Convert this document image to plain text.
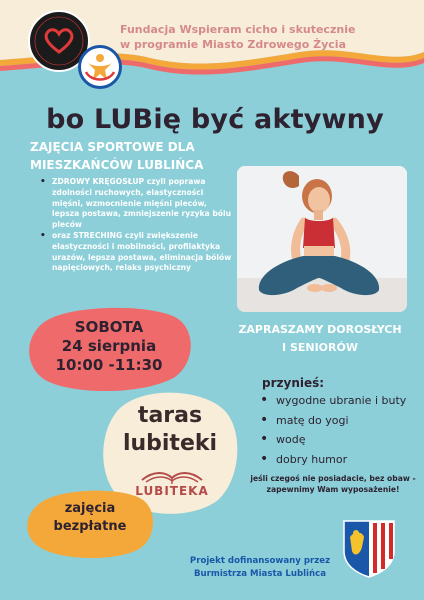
Fundacja Wspieram cicho i skutecznie
w programie Miasto Zdrowego Życia
bo LUBię być aktywny
ZAJĘCIA SPORTOWE DLA
MIESZKAŃCÓW LUBLIŃCA
• ZDROWY KRĘGOSŁUP czyli poprawa zdolności ruchowych, elastyczności mięśni, wzmocnienie mięśni pleców, lepsza postawa, zmniejszenie ryzyka bólu pleców
• oraz STRECHING czyli zwiększenie elastyczności i mobilności, profilaktyka urazów, lepsza postawa, eliminacja bólów napięciowych, relaks psychiczny
ZAPRASZAMY DOROSŁYCH
I SENIORÓW
SOBOTA
24 sierpnia
10:00 -11:30
taras
lubiteki
LUBITEKA
zajęcia
bezpłatne
przynieś:
• wygodne ubranie i buty
• matę do yogi
• wodę
• dobry humor
jeśli czegoś nie posiadacie, bez obaw -
zapewnimy Wam wyposażenie!
Projekt dofinansowany przez
Burmistrza Miasta Lublińca
